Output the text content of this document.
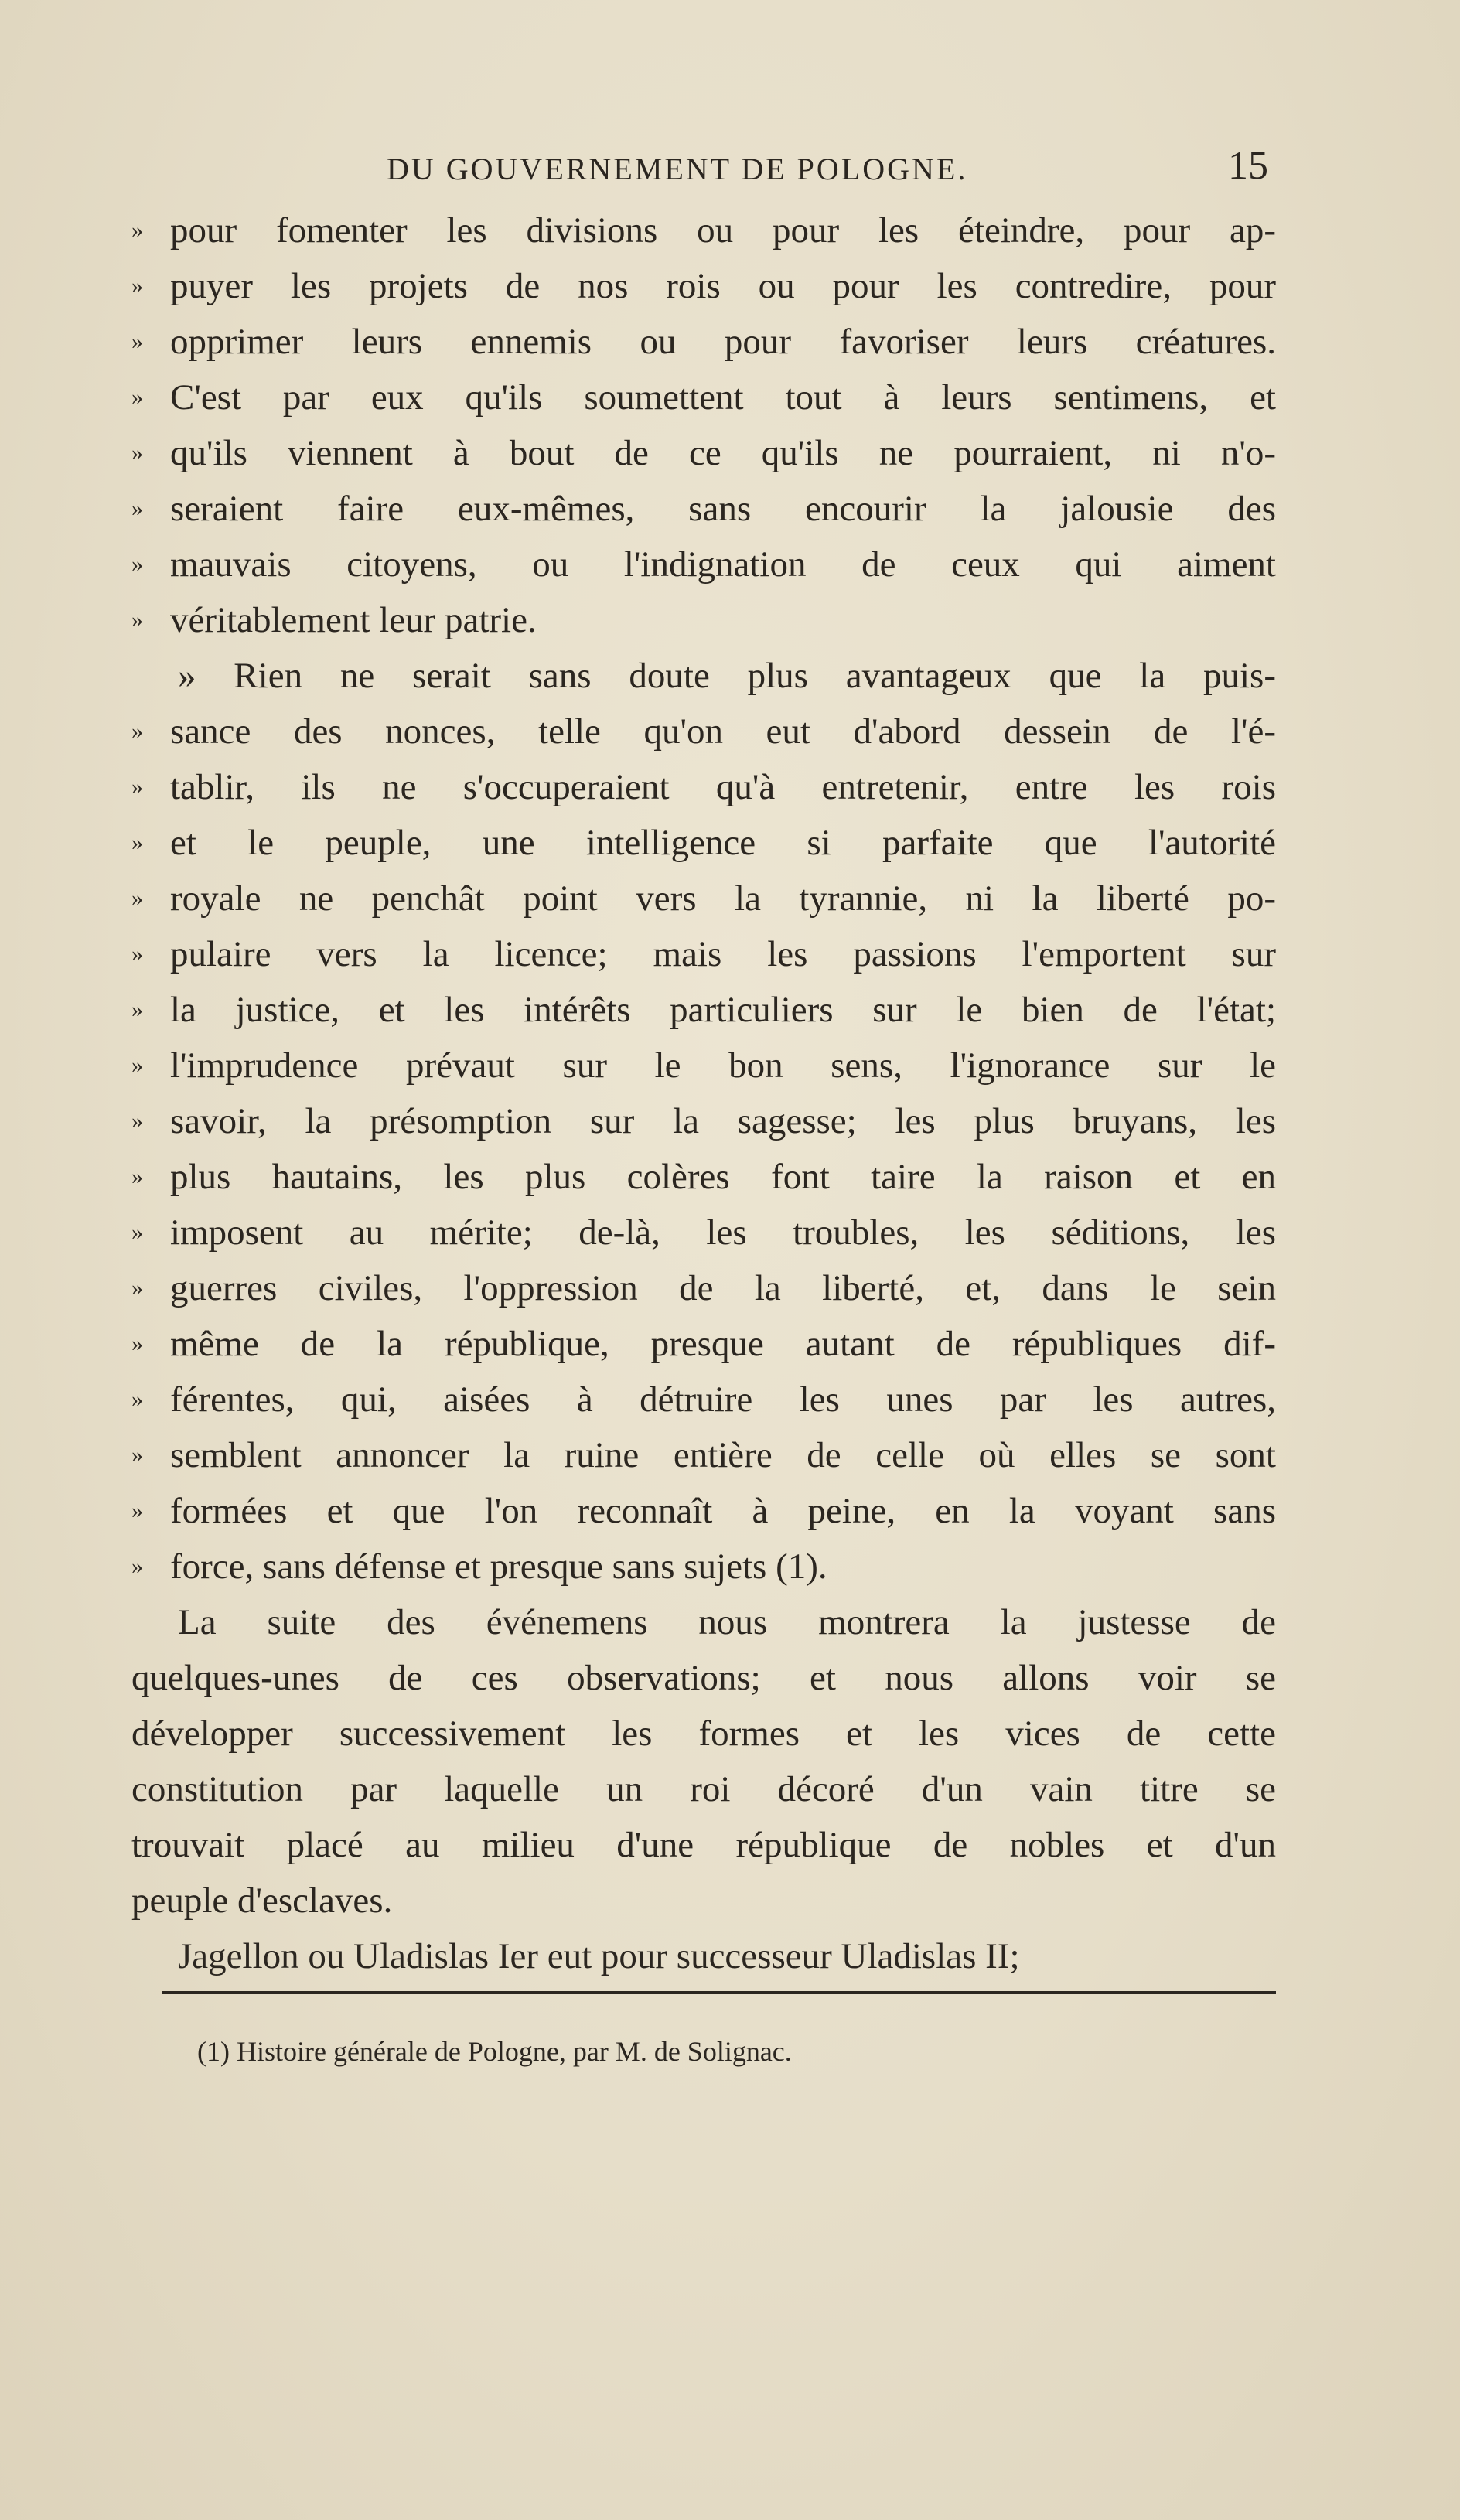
DU GOUVERNEMENT DE POLOGNE.	15
» pour fomenter les divisions ou pour les éteindre, pour ap-
» puyer les projets de nos rois ou pour les contredire, pour
» opprimer leurs ennemis ou pour favoriser leurs créatures.
» C'est par eux qu'ils soumettent tout à leurs sentimens, et
» qu'ils viennent à bout de ce qu'ils ne pourraient, ni n'o-
» seraient faire eux-mêmes, sans encourir la jalousie des
» mauvais citoyens, ou l'indignation de ceux qui aiment
» véritablement leur patrie.
» Rien ne serait sans doute plus avantageux que la puis-
» sance des nonces, telle qu'on eut d'abord dessein de l'é-
» tablir, ils ne s'occuperaient qu'à entretenir, entre les rois
» et le peuple, une intelligence si parfaite que l'autorité
» royale ne penchât point vers la tyrannie, ni la liberté po-
» pulaire vers la licence; mais les passions l'emportent sur
» la justice, et les intérêts particuliers sur le bien de l'état;
» l'imprudence prévaut sur le bon sens, l'ignorance sur le
» savoir, la présomption sur la sagesse; les plus bruyans, les
» plus hautains, les plus colères font taire la raison et en
» imposent au mérite; de-là, les troubles, les séditions, les
» guerres civiles, l'oppression de la liberté, et, dans le sein
» même de la république, presque autant de républiques dif-
» férentes, qui, aisées à détruire les unes par les autres,
» semblent annoncer la ruine entière de celle où elles se sont
» formées et que l'on reconnaît à peine, en la voyant sans
» force, sans défense et presque sans sujets (1).
La suite des événemens nous montrera la justesse de
quelques-unes de ces observations; et nous allons voir se
développer successivement les formes et les vices de cette
constitution par laquelle un roi décoré d'un vain titre se
trouvait placé au milieu d'une république de nobles et d'un
peuple d'esclaves.
Jagellon ou Uladislas Ier eut pour successeur Uladislas II;
(1) Histoire générale de Pologne, par M. de Solignac.
